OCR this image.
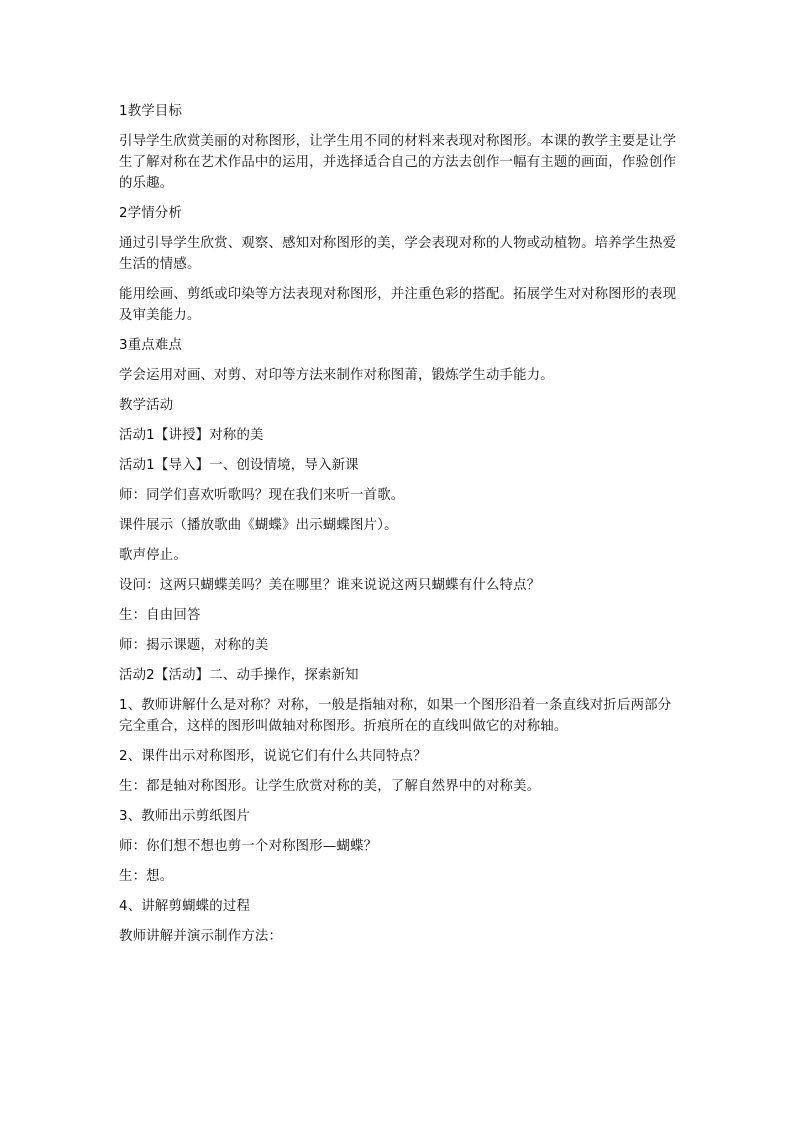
1教学目标

引导学生欣赏美丽的对称图形，让学生用不同的材料来表现对称图形。本课的教学主要是让学生了解对称在艺术作品中的运用，并选择适合自己的方法去创作一幅有主题的画面，作验创作的乐趣。

2学情分析

通过引导学生欣赏、观察、感知对称图形的美，学会表现对称的人物或动植物。培养学生热爱生活的情感。

能用绘画、剪纸或印染等方法表现对称图形，并注重色彩的搭配。拓展学生对对称图形的表现及审美能力。

3重点难点

学会运用对画、对剪、对印等方法来制作对称图莆，锻炼学生动手能力。

教学活动

活动1【讲授】对称的美

活动1【导入】一、创设情境，导入新课

师：同学们喜欢听歌吗？现在我们来听一首歌。

课件展示（播放歌曲《蝴蝶》出示蝴蝶图片）。

歌声停止。

设问：这两只蝴蝶美吗？美在哪里？谁来说说这两只蝴蝶有什么特点？

生：自由回答

师：揭示课题，对称的美

活动2【活动】二、动手操作，探索新知

1、教师讲解什么是对称？对称，一般是指轴对称，如果一个图形沿着一条直线对折后两部分完全重合，这样的图形叫做轴对称图形。折痕所在的直线叫做它的对称轴。

2、课件出示对称图形，说说它们有什么共同特点？

生：都是轴对称图形。让学生欣赏对称的美，了解自然界中的对称美。

3、教师出示剪纸图片

师：你们想不想也剪一个对称图形—蝴蝶？

生：想。

4、讲解剪蝴蝶的过程

教师讲解并演示制作方法：
